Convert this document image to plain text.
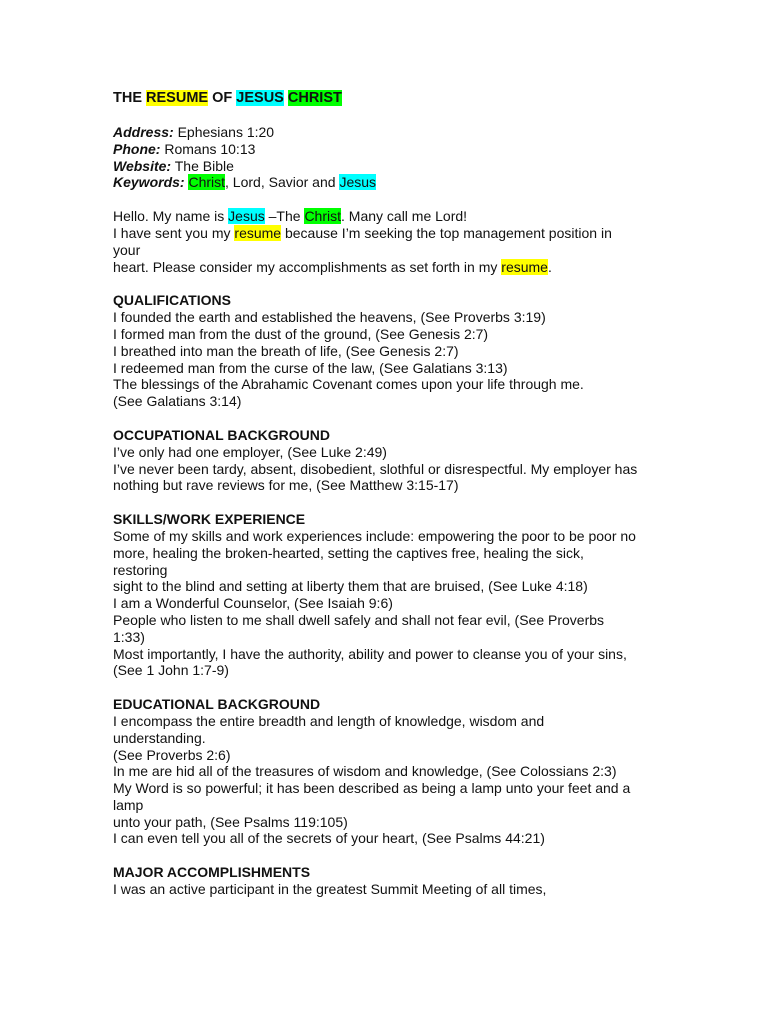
THE RESUME OF JESUS CHRIST
Address: Ephesians 1:20
Phone: Romans 10:13
Website: The Bible
Keywords: Christ, Lord, Savior and Jesus
Hello. My name is Jesus –The Christ. Many call me Lord!
I have sent you my resume because I’m seeking the top management position in
your
heart. Please consider my accomplishments as set forth in my resume.
QUALIFICATIONS
I founded the earth and established the heavens, (See Proverbs 3:19)
I formed man from the dust of the ground, (See Genesis 2:7)
I breathed into man the breath of life, (See Genesis 2:7)
I redeemed man from the curse of the law, (See Galatians 3:13)
The blessings of the Abrahamic Covenant comes upon your life through me.
(See Galatians 3:14)
OCCUPATIONAL BACKGROUND
I’ve only had one employer, (See Luke 2:49)
I’ve never been tardy, absent, disobedient, slothful or disrespectful. My employer has
nothing but rave reviews for me, (See Matthew 3:15-17)
SKILLS/WORK EXPERIENCE
Some of my skills and work experiences include: empowering the poor to be poor no
more, healing the broken-hearted, setting the captives free, healing the sick,
restoring
sight to the blind and setting at liberty them that are bruised, (See Luke 4:18)
I am a Wonderful Counselor, (See Isaiah 9:6)
People who listen to me shall dwell safely and shall not fear evil, (See Proverbs
1:33)
Most importantly, I have the authority, ability and power to cleanse you of your sins,
(See 1 John 1:7-9)
EDUCATIONAL BACKGROUND
I encompass the entire breadth and length of knowledge, wisdom and
understanding.
(See Proverbs 2:6)
In me are hid all of the treasures of wisdom and knowledge, (See Colossians 2:3)
My Word is so powerful; it has been described as being a lamp unto your feet and a
lamp
unto your path, (See Psalms 119:105)
I can even tell you all of the secrets of your heart, (See Psalms 44:21)
MAJOR ACCOMPLISHMENTS
I was an active participant in the greatest Summit Meeting of all times,
